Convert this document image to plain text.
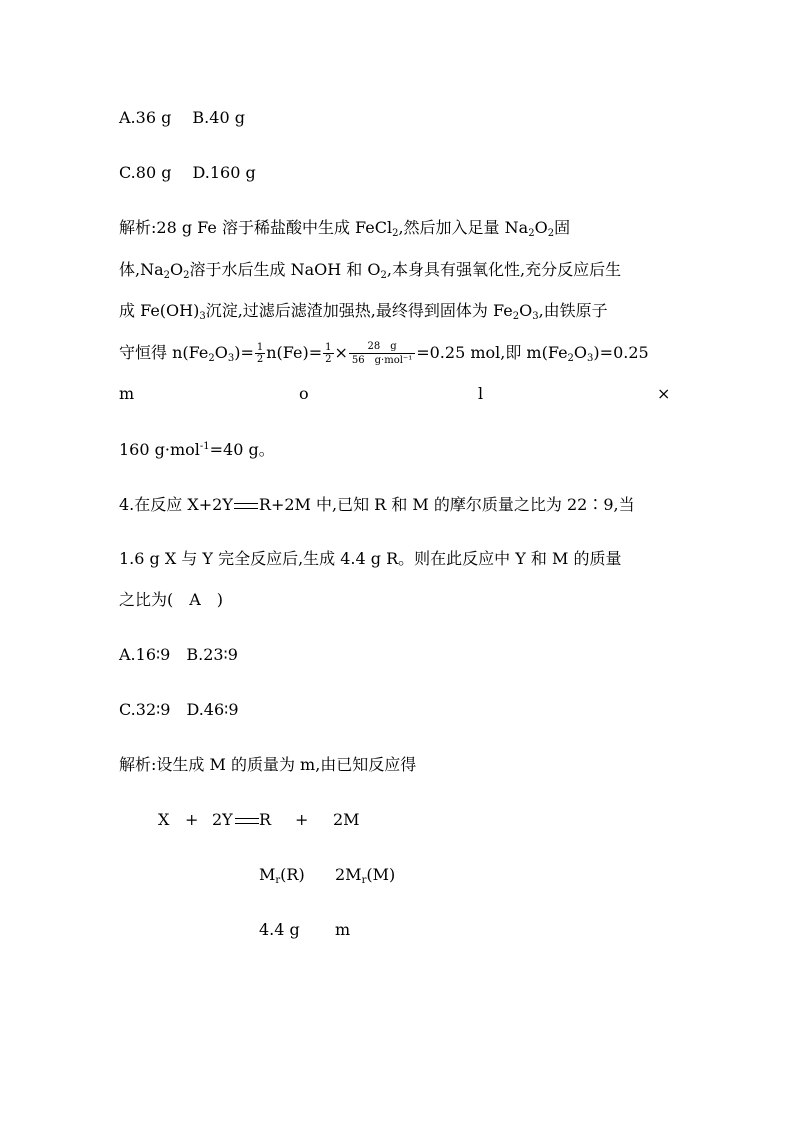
A.36 g　 B.40 g
C.80 g　 D.160 g
解析:28 g Fe 溶于稀盐酸中生成 FeCl$_2$,然后加入足量 $Na_2O_2$固
体$,Na_2O_2$溶于水后生成 NaOH 和 $O_2$,本身具有强氧化性,充分反应后生
成 $Fe(OH)_3$沉淀,过滤后滤渣加强热,最终得到固体为 $Fe_2O_3$,由铁原子
守恒得 $n(Fe_2O_3)= \frac{1}{2} n(Fe)= \frac{1}{2} \times \frac{28 g}{\text{56　g·mol⁻¹}} =0.25$ mol,即 $m(Fe_2O_3)=0.25$
m	o	l	×
160 g·mol$^{-1}$=40 g。
4.在反应 X+2Y R+2M 中,已知 R 和 M 的摩尔质量之比为 22∶9,当
1.6 g X 与 Y 完全反应后,生成 4.4 g R。则在此反应中 Y 和 M 的质量
之比为(　A　)
A.16∶9　B.23∶9
C.32∶9　D.46∶9
解析:设生成 M 的质量为 m,由已知反应得
X + 2Y R + 2M
$M_r(R)$ $2M_r(M)$
4.4 g m
